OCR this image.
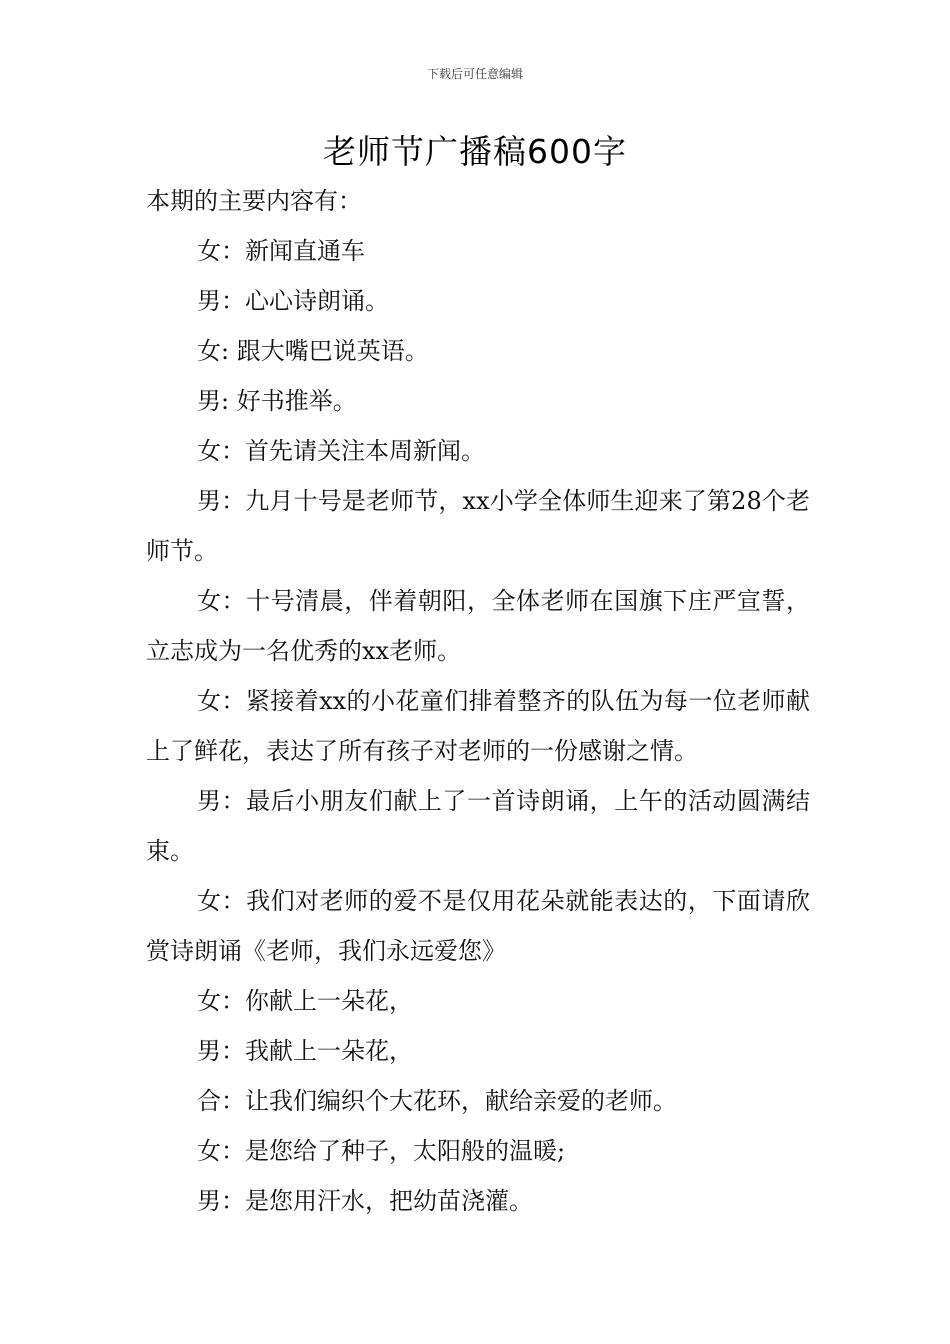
下载后可任意编辑
老师节广播稿600字

本期的主要内容有：

女：新闻直通车

男：心心诗朗诵。

女: 跟大嘴巴说英语。

男: 好书推举。

女：首先请关注本周新闻。

男：九月十号是老师节，xx小学全体师生迎来了第28个老师节。

女：十号清晨，伴着朝阳，全体老师在国旗下庄严宣誓，立志成为一名优秀的xx老师。

女：紧接着xx的小花童们排着整齐的队伍为每一位老师献上了鲜花，表达了所有孩子对老师的一份感谢之情。

男：最后小朋友们献上了一首诗朗诵，上午的活动圆满结束。

女：我们对老师的爱不是仅用花朵就能表达的，下面请欣赏诗朗诵《老师，我们永远爱您》

女：你献上一朵花，

男：我献上一朵花，

合：让我们编织个大花环，献给亲爱的老师。

女：是您给了种子，太阳般的温暖;

男：是您用汗水，把幼苗浇灌。
